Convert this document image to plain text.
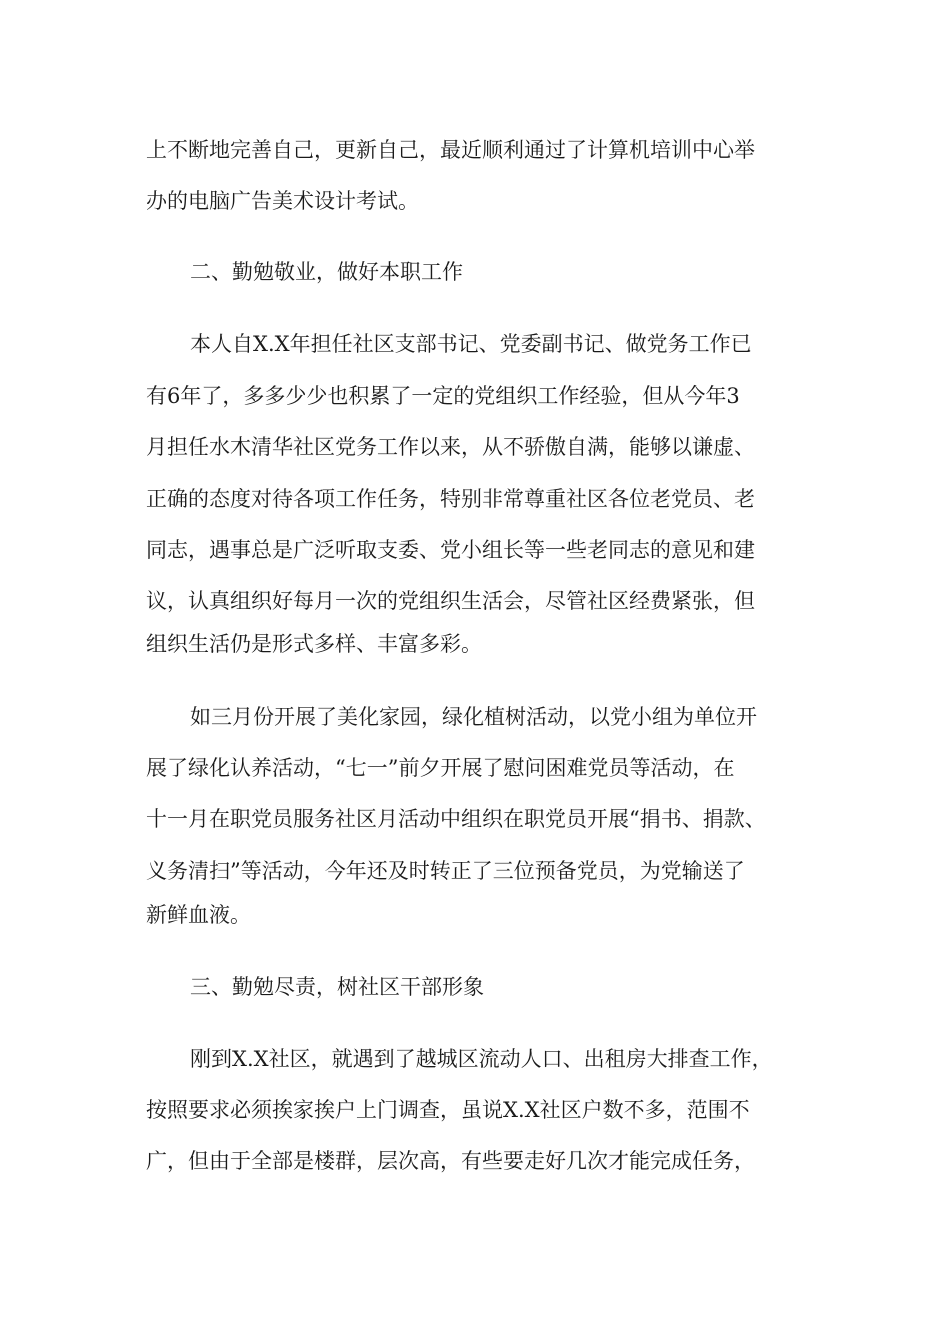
上不断地完善自己，更新自己，最近顺利通过了计算机培训中心举
办的电脑广告美术设计考试。
二、勤勉敬业，做好本职工作
本人自X.X年担任社区支部书记、党委副书记、做党务工作已
有6年了，多多少少也积累了一定的党组织工作经验，但从今年3
月担任水木清华社区党务工作以来，从不骄傲自满，能够以谦虚、
正确的态度对待各项工作任务，特别非常尊重社区各位老党员、老
同志，遇事总是广泛听取支委、党小组长等一些老同志的意见和建
议，认真组织好每月一次的党组织生活会，尽管社区经费紧张，但
组织生活仍是形式多样、丰富多彩。
如三月份开展了美化家园，绿化植树活动，以党小组为单位开
展了绿化认养活动，“七一”前夕开展了慰问困难党员等活动，在
十一月在职党员服务社区月活动中组织在职党员开展“捐书、捐款、
义务清扫”等活动，今年还及时转正了三位预备党员，为党输送了
新鲜血液。
三、勤勉尽责，树社区干部形象
刚到X.X社区，就遇到了越城区流动人口、出租房大排查工作，
按照要求必须挨家挨户上门调查，虽说X.X社区户数不多，范围不
广，但由于全部是楼群，层次高，有些要走好几次才能完成任务，
